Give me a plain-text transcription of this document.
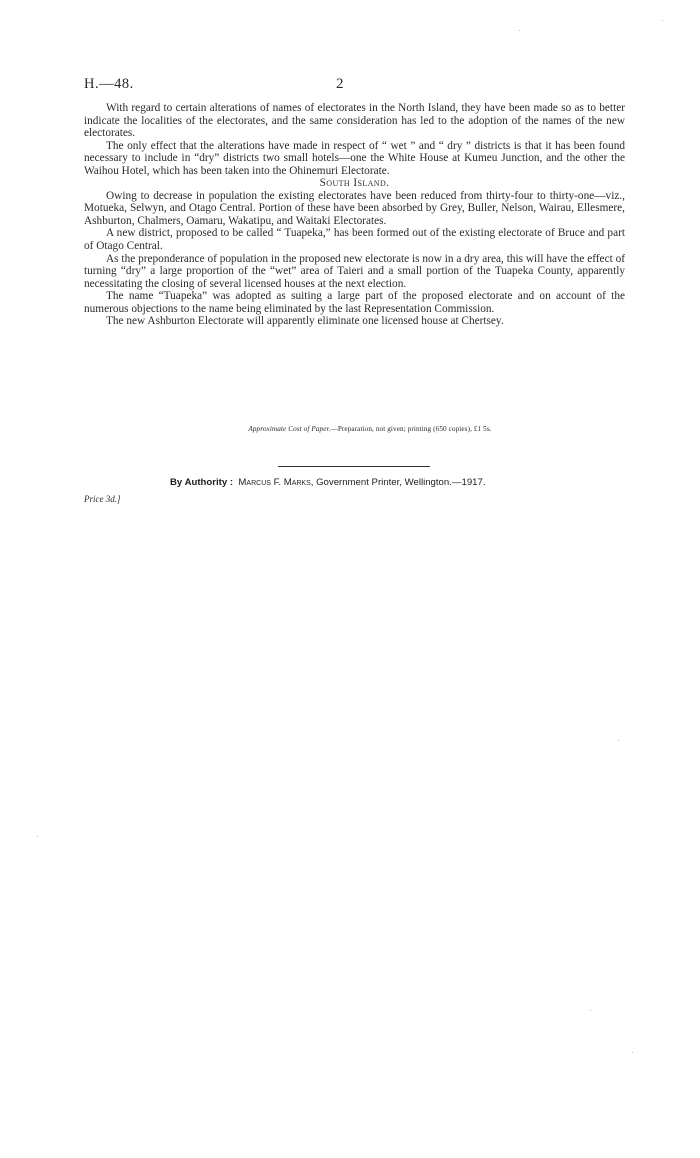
H.—48.	2

With regard to certain alterations of names of electorates in the North Island, they have been made so as to better indicate the localities of the electorates, and the same consideration has led to the adoption of the names of the new electorates.

The only effect that the alterations have made in respect of “ wet ” and “ dry ” districts is that it has been found necessary to include in “dry” districts two small hotels—one the White House at Kumeu Junction, and the other the Waihou Hotel, which has been taken into the Ohinemuri Electorate.

South Island.

Owing to decrease in population the existing electorates have been reduced from thirty-four to thirty-one—viz., Motueka, Selwyn, and Otago Central. Portion of these have been absorbed by Grey, Buller, Nelson, Wairau, Ellesmere, Ashburton, Chalmers, Oamaru, Wakatipu, and Waitaki Electorates.

A new district, proposed to be called “ Tuapeka,” has been formed out of the existing electorate of Bruce and part of Otago Central.

As the preponderance of population in the proposed new electorate is now in a dry area, this will have the effect of turning “dry” a large proportion of the “wet” area of Taieri and a small portion of the Tuapeka County, apparently necessitating the closing of several licensed houses at the next election.

The name “Tuapeka” was adopted as suiting a large part of the proposed electorate and on account of the numerous objections to the name being eliminated by the last Representation Commission.

The new Ashburton Electorate will apparently eliminate one licensed house at Chertsey.

Approximate Cost of Paper.—Preparation, not given; printing (650 copies), £1 5s.
By Authority : Marcus F. Marks, Government Printer, Wellington.—1917.
Price 3d.]
